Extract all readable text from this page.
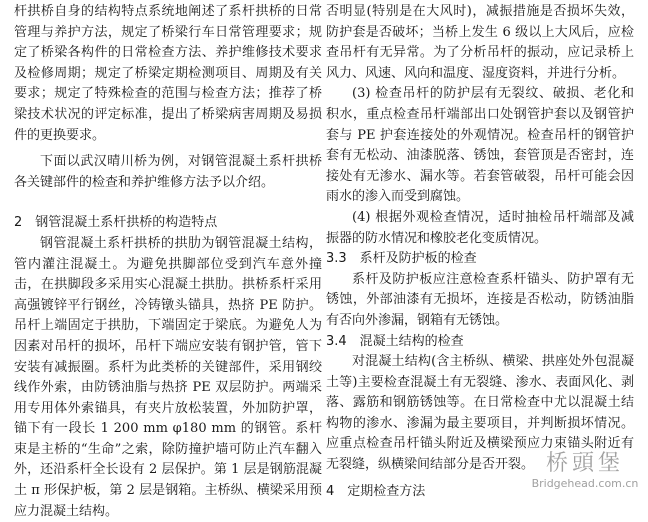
杆拱桥自身的结构特点系统地阐述了系杆拱桥的日常管理与养护方法，规定了桥梁行车日常管理要求；规定了桥梁各构件的日常检查方法、养护维修技术要求及检修周期；规定了桥梁定期检测项目、周期及有关要求；规定了特殊检查的范围与检查方法；推荐了桥梁技术状况的评定标准，提出了桥梁病害周期及易损件的更换要求。

下面以武汉晴川桥为例，对钢管混凝土系杆拱桥各关键部件的检查和养护维修方法予以介绍。

2　钢管混凝土系杆拱桥的构造特点

钢管混凝土系杆拱桥的拱肋为钢管混凝土结构，管内灌注混凝土。为避免拱脚部位受到汽车意外撞击，在拱脚段多采用实心混凝土拱肋。拱桥系杆采用高强镀锌平行钢丝，冷铸镦头锚具，热挤 PE 防护。吊杆上端固定于拱肋，下端固定于梁底。为避免人为因素对吊杆的损坏，吊杆下端应安装有钢护管，管下安装有减振圈。系杆为此类桥的关键部件，采用钢绞线作外索，由防锈油脂与热挤 PE 双层防护。两端采用专用体外索锚具，有夹片放松装置，外加防护罩，锚下有一段长 1 200 mm φ180 mm 的钢管。系杆束是主桥的“生命”之索，除防撞护墙可防止汽车翻入外，还沿系杆全长设有 2 层保护。第 1 层是钢筋混凝土 π 形保护板，第 2 层是钢箱。主桥纵、横梁采用预应力混凝土结构。

否明显(特别是在大风时)，减振措施是否损坏失效，防护套是否破坏；当桥上发生 6 级以上大风后，应检查吊杆有无异常。为了分析吊杆的振动，应记录桥上风力、风速、风向和温度、湿度资料，并进行分析。

(3) 检查吊杆的防护层有无裂纹、破损、老化和积水，重点检查吊杆端部出口处钢管护套以及钢管护套与 PE 护套连接处的外观情况。检查吊杆的钢管护套有无松动、油漆脱落、锈蚀，套管顶是否密封，连接处有无渗水、漏水等。若套管破裂，吊杆可能会因雨水的渗入而受到腐蚀。

(4) 根据外观检查情况，适时抽检吊杆端部及减振器的防水情况和橡胶老化变质情况。

3.3　系杆及防护板的检查

系杆及防护板应注意检查系杆锚头、防护罩有无锈蚀，外部油漆有无损坏，连接是否松动，防锈油脂有否向外渗漏，钢箱有无锈蚀。

3.4　混凝土结构的检查

对混凝土结构(含主桥纵、横梁、拱座处外包混凝土等)主要检查混凝土有无裂缝、渗水、表面风化、剥落、露筋和钢筋锈蚀等。在日常检查中尤以混凝土结构物的渗水、渗漏为最主要项目，并判断损坏情况。应重点检查吊杆锚头附近及横梁预应力束锚头附近有无裂缝，纵横梁间结部分是否开裂。

4　定期检查方法
桥頭堡
Bridgehead.com.cn
